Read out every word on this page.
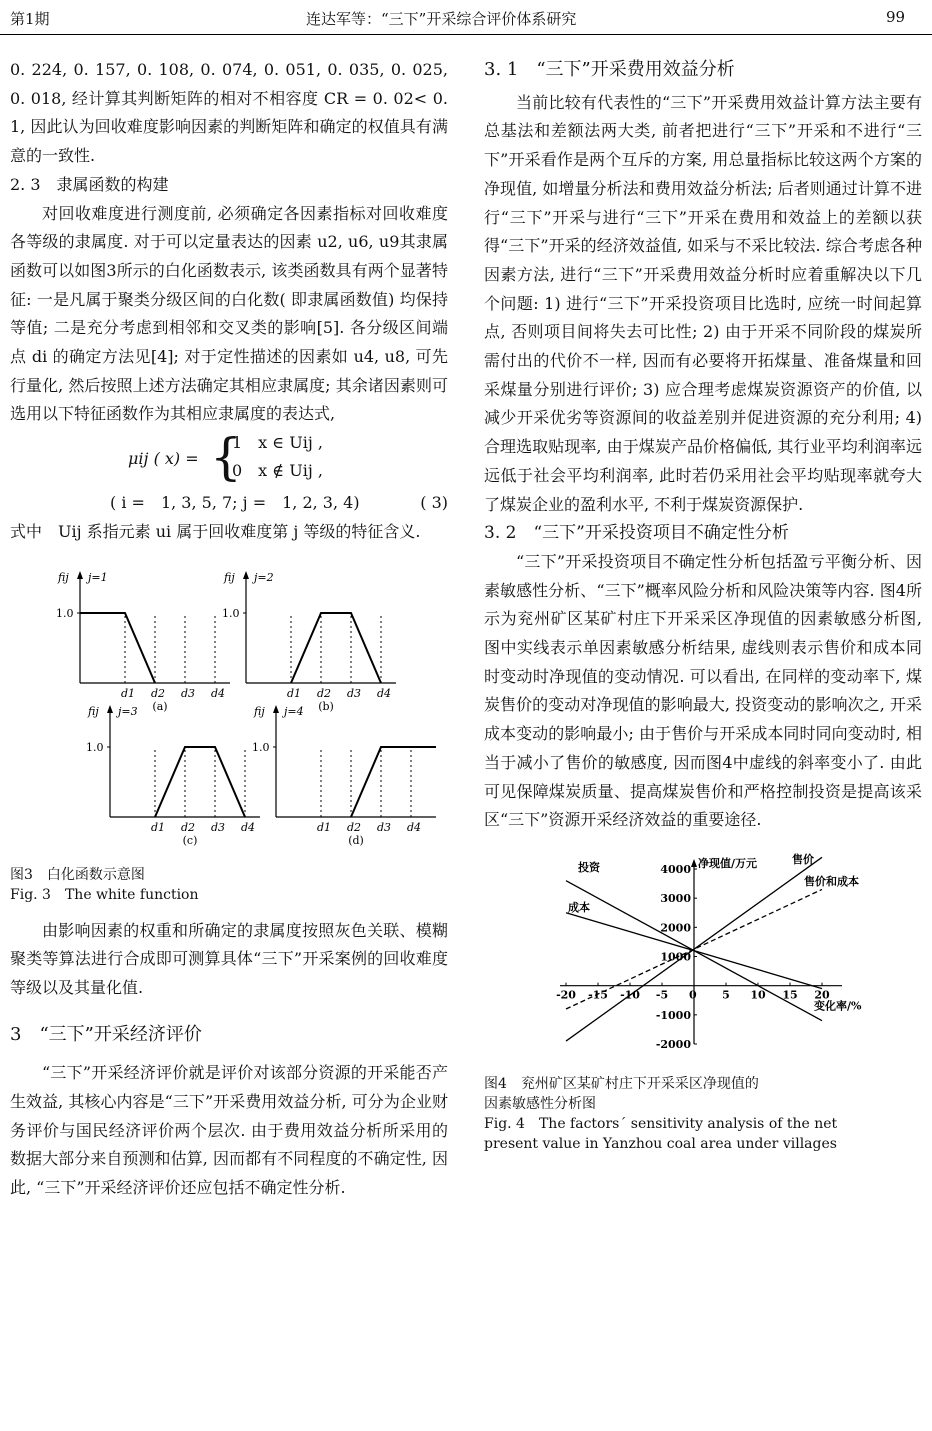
第1期	连达军等：“三下”开采综合评价体系研究	99

0. 224, 0. 157, 0. 108, 0. 074, 0. 051, 0. 035, 0. 025, 0. 018, 经计算其判断矩阵的相对不相容度 CR = 0. 02< 0. 1, 因此认为回收难度影响因素的判断矩阵和确定的权值具有满意的一致性.

2. 3　隶属函数的构建

对回收难度进行测度前, 必须确定各因素指标对回收难度各等级的隶属度. 对于可以定量表达的因素 u2, u6, u9其隶属函数可以如图3所示的白化函数表示, 该类函数具有两个显著特征: 一是凡属于聚类分级区间的白化数( 即隶属函数值) 均保持等值; 二是充分考虑到相邻和交叉类的影响[5]. 各分级区间端点 di 的确定方法见[4]; 对于定性描述的因素如 u4, u8, 可先行量化, 然后按照上述方法确定其相应隶属度; 其余诸因素则可选用以下特征函数作为其相应隶属度的表达式,

μij ( x) = {
1　x ∈ Uij ,
0　x ∉ Uij ,
( i =　1, 3, 5, 7; j =　1, 2, 3, 4)	( 3)

式中　Uij 系指元素 ui 属于回收难度第 j 等级的特征含义.

fij j=1
1.0
d1 d2 d3 d4
(a)
fij j=2
1.0
d1 d2 d3 d4
(b)
fij j=3
1.0
d1 d2 d3 d4
(c)
fij j=4
1.0
d1 d2 d3 d4
(d)

图3　白化函数示意图

Fig. 3　The white function

由影响因素的权重和所确定的隶属度按照灰色关联、模糊聚类等算法进行合成即可测算具体“三下”开采案例的回收难度等级以及其量化值.

3　“三下”开采经济评价

“三下”开采经济评价就是评价对该部分资源的开采能否产生效益, 其核心内容是“三下”开采费用效益分析, 可分为企业财务评价与国民经济评价两个层次. 由于费用效益分析所采用的数据大部分来自预测和估算, 因而都有不同程度的不确定性, 因此, “三下”开采经济评价还应包括不确定性分析.

3. 1　“三下”开采费用效益分析

当前比较有代表性的“三下”开采费用效益计算方法主要有总基法和差额法两大类, 前者把进行“三下”开采和不进行“三下”开采看作是两个互斥的方案, 用总量指标比较这两个方案的净现值, 如增量分析法和费用效益分析法; 后者则通过计算不进行“三下”开采与进行“三下”开采在费用和效益上的差额以获得“三下”开采的经济效益值, 如采与不采比较法. 综合考虑各种因素方法, 进行“三下”开采费用效益分析时应着重解决以下几个问题: 1) 进行“三下”开采投资项目比选时, 应统一时间起算点, 否则项目间将失去可比性; 2) 由于开采不同阶段的煤炭所需付出的代价不一样, 因而有必要将开拓煤量、准备煤量和回采煤量分别进行评价; 3) 应合理考虑煤炭资源资产的价值, 以减少开采优劣等资源间的收益差别并促进资源的充分利用; 4) 合理选取贴现率, 由于煤炭产品价格偏低, 其行业平均利润率远远低于社会平均利润率, 此时若仍采用社会平均贴现率就夸大了煤炭企业的盈利水平, 不利于煤炭资源保护.

3. 2　“三下”开采投资项目不确定性分析

“三下”开采投资项目不确定性分析包括盈亏平衡分析、因素敏感性分析、“三下”概率风险分析和风险决策等内容. 图4所示为兖州矿区某矿村庄下开采采区净现值的因素敏感分析图, 图中实线表示单因素敏感分析结果, 虚线则表示售价和成本同时变动时净现值的变动情况. 可以看出, 在同样的变动率下, 煤炭售价的变动对净现值的影响最大, 投资变动的影响次之, 开采成本变动的影响最小; 由于售价与开采成本同时同向变动时, 相当于减小了售价的敏感度, 因而图4中虚线的斜率变小了. 由此可见保障煤炭质量、提高煤炭售价和严格控制投资是提高该采区“三下”资源开采经济效益的重要途径.

净现值/万元
变化率/%
-20 -15 -10 -5	5 10 15 20
0
4000
3000
2000
1000
-1000
-2000
售价
售价和成本
投资
成本

图4　兖州矿区某矿村庄下开采采区净现值的

因素敏感性分析图

Fig. 4　The factors´ sensitivity analysis of the net

present value in Yanzhou coal area under villages
